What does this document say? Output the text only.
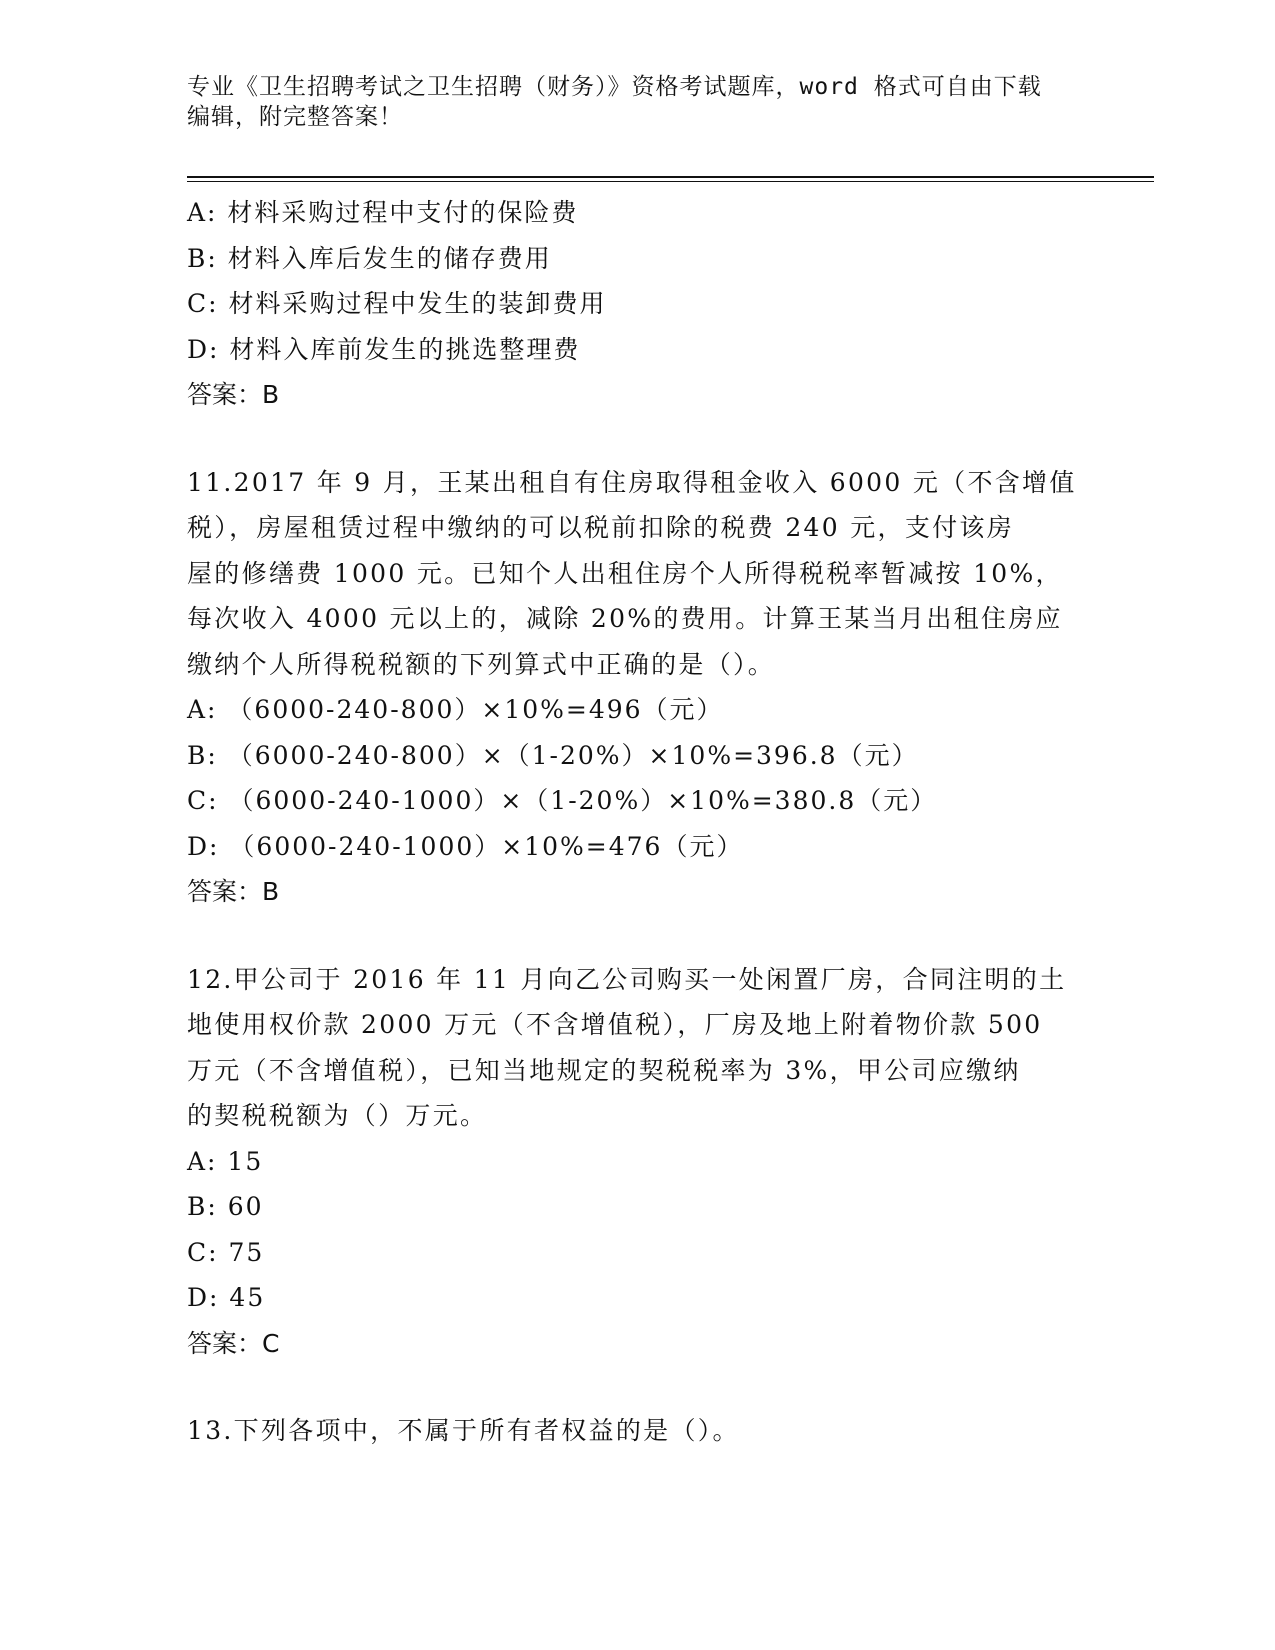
专业《卫生招聘考试之卫生招聘（财务）》资格考试题库，word 格式可自由下载
编辑，附完整答案！
A: 材料采购过程中支付的保险费
B: 材料入库后发生的储存费用
C: 材料采购过程中发生的装卸费用
D: 材料入库前发生的挑选整理费
答案：B
11.2017 年 9 月，王某出租自有住房取得租金收入 6000 元（不含增值
税），房屋租赁过程中缴纳的可以税前扣除的税费 240 元，支付该房
屋的修缮费 1000 元。已知个人出租住房个人所得税税率暂减按 10%，
每次收入 4000 元以上的，减除 20%的费用。计算王某当月出租住房应
缴纳个人所得税税额的下列算式中正确的是（）。
A: （6000-240-800）×10%=496（元）
B: （6000-240-800）×（1-20%）×10%=396.8（元）
C: （6000-240-1000）×（1-20%）×10%=380.8（元）
D: （6000-240-1000）×10%=476（元）
答案：B
12.甲公司于 2016 年 11 月向乙公司购买一处闲置厂房，合同注明的土
地使用权价款 2000 万元（不含增值税），厂房及地上附着物价款 500
万元（不含增值税），已知当地规定的契税税率为 3%，甲公司应缴纳
的契税税额为（）万元。
A: 15
B: 60
C: 75
D: 45
答案：C
13.下列各项中，不属于所有者权益的是（）。
